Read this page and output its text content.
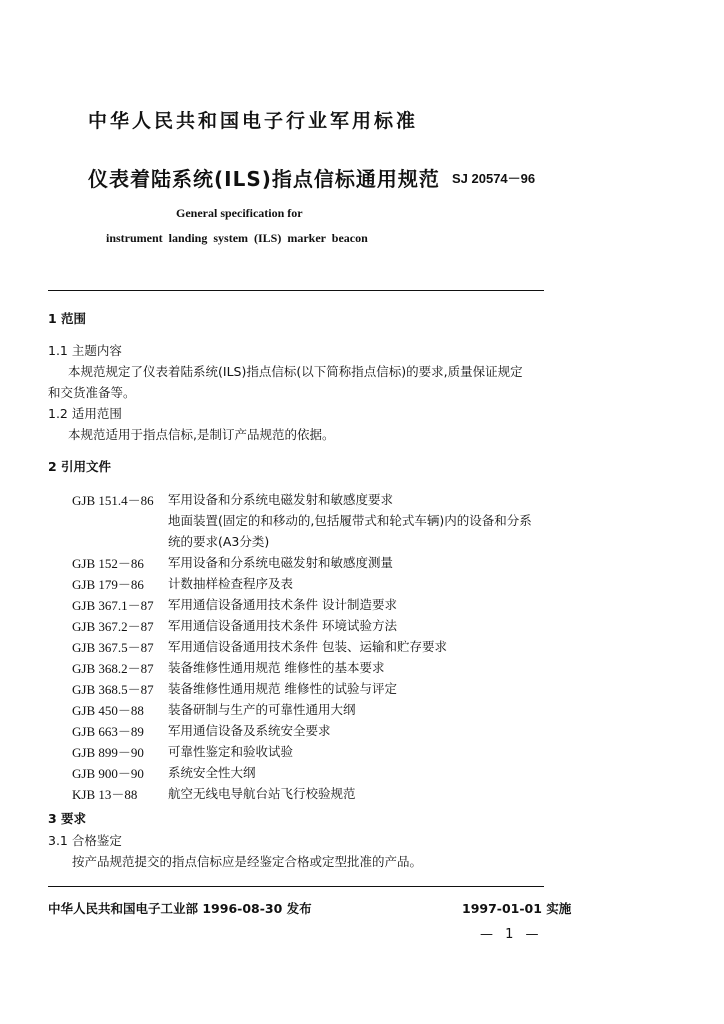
中华人民共和国电子行业军用标准
仪表着陆系统(ILS)指点信标通用规范 SJ 20574－96
General specification for
instrument landing system (ILS) marker beacon
1 范围
1.1 主题内容
本规范规定了仪表着陆系统(ILS)指点信标(以下简称指点信标)的要求,质量保证规定
和交货准备等。
1.2 适用范围
本规范适用于指点信标,是制订产品规范的依据。
2 引用文件
GJB 151.4－86 军用设备和分系统电磁发射和敏感度要求
地面装置(固定的和移动的,包括履带式和轮式车辆)内的设备和分系
统的要求(A3分类)
GJB 152－86 军用设备和分系统电磁发射和敏感度测量
GJB 179－86 计数抽样检查程序及表
GJB 367.1－87 军用通信设备通用技术条件 设计制造要求
GJB 367.2－87 军用通信设备通用技术条件 环境试验方法
GJB 367.5－87 军用通信设备通用技术条件 包装、运输和贮存要求
GJB 368.2－87 装备维修性通用规范 维修性的基本要求
GJB 368.5－87 装备维修性通用规范 维修性的试验与评定
GJB 450－88 装备研制与生产的可靠性通用大纲
GJB 663－89 军用通信设备及系统安全要求
GJB 899－90 可靠性鉴定和验收试验
GJB 900－90 系统安全性大纲
KJB 13－88 航空无线电导航台站飞行校验规范
3 要求
3.1 合格鉴定
按产品规范提交的指点信标应是经鉴定合格或定型批准的产品。
中华人民共和国电子工业部 1996-08-30 发布	1997-01-01 实施
— 1 —
